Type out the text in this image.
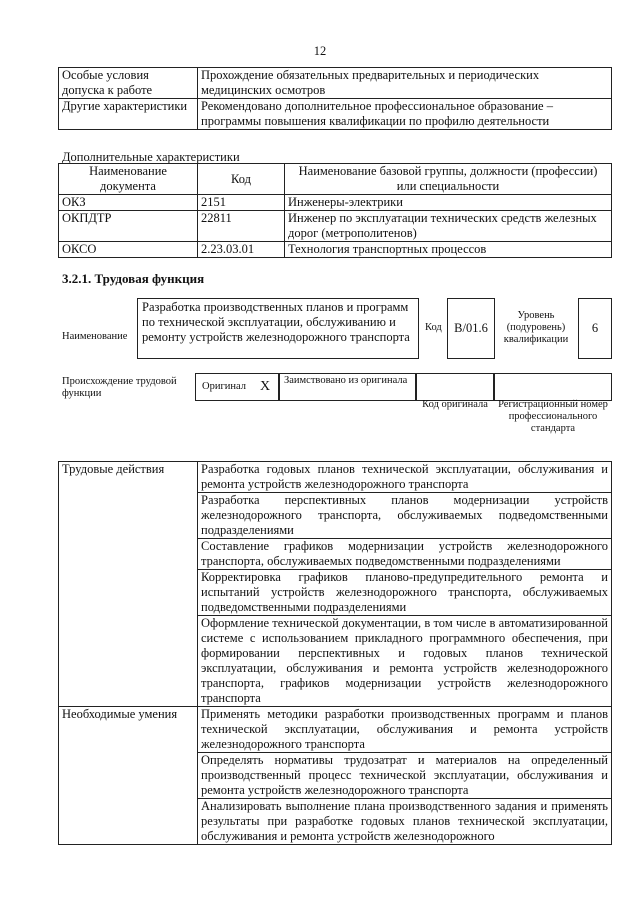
12
Особые условия допуска к работе	Прохождение обязательных предварительных и периодических медицинских осмотров
Другие характеристики	Рекомендовано дополнительное профессиональное образование – программы повышения квалификации по профилю деятельности
Дополнительные характеристики
Наименование документа	Код	Наименование базовой группы, должности (профессии) или специальности
ОКЗ	2151	Инженеры-электрики
ОКПДТР	22811	Инженер по эксплуатации технических средств железных дорог (метрополитенов)
ОКСО	2.23.03.01	Технология транспортных процессов
3.2.1. Трудовая функция
Наименование
Разработка производственных планов и программ по технической эксплуатации, обслуживанию и ремонту устройств железнодорожного транспорта
Код B/01.6
Уровень (подуровень) квалификации
6
Происхождение трудовой функции
Оригинал X	Заимствовано из оригинала
Код оригинала Регистрационный номер профессионального стандарта
Трудовые действия	Разработка годовых планов технической эксплуатации, обслуживания и ремонта устройств железнодорожного транспорта
	Разработка перспективных планов модернизации устройств железнодорожного транспорта, обслуживаемых подведомственными подразделениями
	Составление графиков модернизации устройств железнодорожного транспорта, обслуживаемых подведомственными подразделениями
	Корректировка графиков планово-предупредительного ремонта и испытаний устройств железнодорожного транспорта, обслуживаемых подведомственными подразделениями
	Оформление технической документации, в том числе в автоматизированной системе с использованием прикладного программного обеспечения, при формировании перспективных и годовых планов технической эксплуатации, обслуживания и ремонта устройств железнодорожного транспорта, графиков модернизации устройств железнодорожного транспорта
Необходимые умения	Применять методики разработки производственных программ и планов технической эксплуатации, обслуживания и ремонта устройств железнодорожного транспорта
	Определять нормативы трудозатрат и материалов на определенный производственный процесс технической эксплуатации, обслуживания и ремонта устройств железнодорожного транспорта
	Анализировать выполнение плана производственного задания и применять результаты при разработке годовых планов технической эксплуатации, обслуживания и ремонта устройств железнодорожного
